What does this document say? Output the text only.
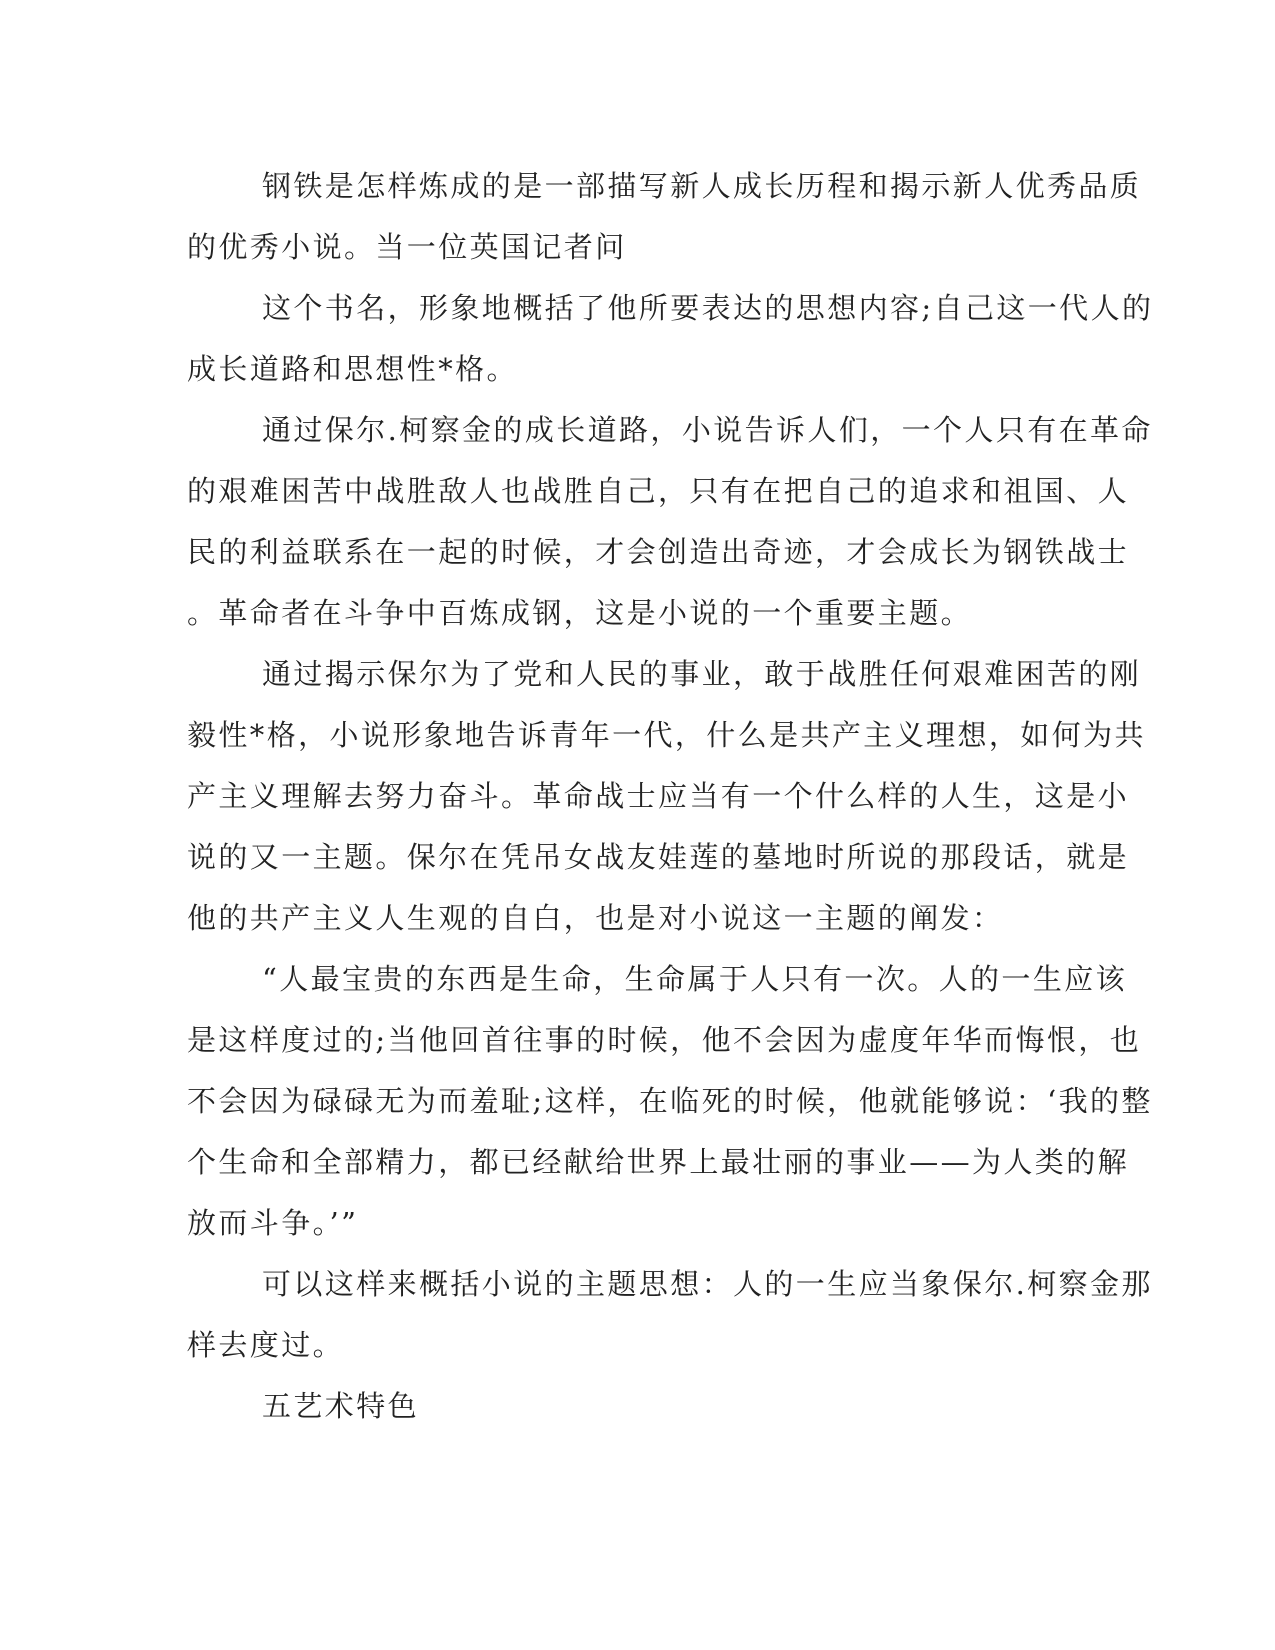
钢铁是怎样炼成的是一部描写新人成长历程和揭示新人优秀品质
的优秀小说。当一位英国记者问
这个书名，形象地概括了他所要表达的思想内容;自己这一代人的
成长道路和思想性*格。
通过保尔.柯察金的成长道路，小说告诉人们，一个人只有在革命
的艰难困苦中战胜敌人也战胜自己，只有在把自己的追求和祖国、人
民的利益联系在一起的时候，才会创造出奇迹，才会成长为钢铁战士
。革命者在斗争中百炼成钢，这是小说的一个重要主题。
通过揭示保尔为了党和人民的事业，敢于战胜任何艰难困苦的刚
毅性*格，小说形象地告诉青年一代，什么是共产主义理想，如何为共
产主义理解去努力奋斗。革命战士应当有一个什么样的人生，这是小
说的又一主题。保尔在凭吊女战友娃莲的墓地时所说的那段话，就是
他的共产主义人生观的自白，也是对小说这一主题的阐发：
“人最宝贵的东西是生命，生命属于人只有一次。人的一生应该
是这样度过的;当他回首往事的时候，他不会因为虚度年华而悔恨，也
不会因为碌碌无为而羞耻;这样，在临死的时候，他就能够说：‘我的整
个生命和全部精力，都已经献给世界上最壮丽的事业——为人类的解
放而斗争。’”
可以这样来概括小说的主题思想：人的一生应当象保尔.柯察金那
样去度过。
五艺术特色
